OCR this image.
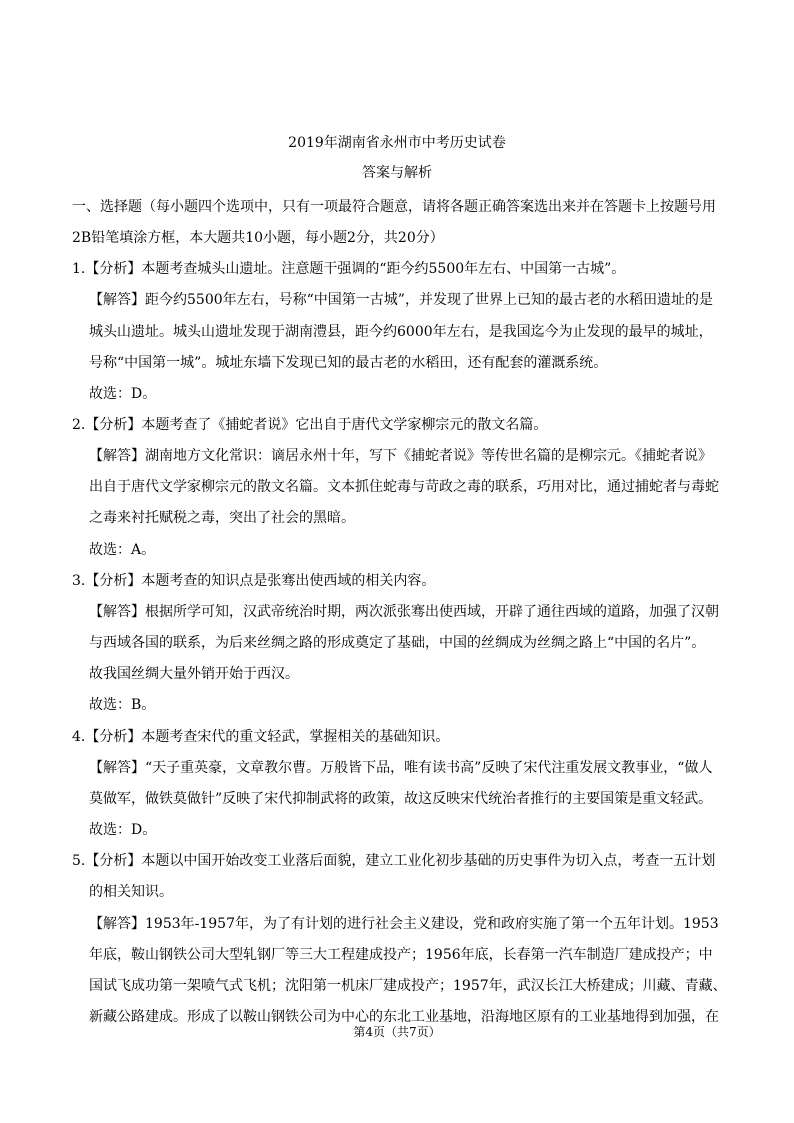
2019年湖南省永州市中考历史试卷
答案与解析
一、选择题（每小题四个选项中，只有一项最符合题意，请将各题正确答案选出来并在答题卡上按题号用
2B铅笔填涂方框，本大题共10小题，每小题2分，共20分）
1.【分析】本题考查城头山遗址。注意题干强调的“距今约5500年左右、中国第一古城”。
【解答】距今约5500年左右，号称“中国第一古城”，并发现了世界上已知的最古老的水稻田遗址的是
城头山遗址。城头山遗址发现于湖南澧县，距今约6000年左右，是我国迄今为止发现的最早的城址，
号称“中国第一城”。城址东墙下发现已知的最古老的水稻田，还有配套的灌溉系统。
故选：D。
2.【分析】本题考查了《捕蛇者说》它出自于唐代文学家柳宗元的散文名篇。
【解答】湖南地方文化常识：谪居永州十年，写下《捕蛇者说》等传世名篇的是柳宗元。《捕蛇者说》
出自于唐代文学家柳宗元的散文名篇。文本抓住蛇毒与苛政之毒的联系，巧用对比，通过捕蛇者与毒蛇
之毒来衬托赋税之毒，突出了社会的黑暗。
故选：A。
3.【分析】本题考查的知识点是张骞出使西域的相关内容。
【解答】根据所学可知，汉武帝统治时期，两次派张骞出使西域，开辟了通往西域的道路，加强了汉朝
与西域各国的联系，为后来丝绸之路的形成奠定了基础，中国的丝绸成为丝绸之路上“中国的名片”。
故我国丝绸大量外销开始于西汉。
故选：B。
4.【分析】本题考查宋代的重文轻武，掌握相关的基础知识。
【解答】“天子重英豪，文章教尔曹。万般皆下品，唯有读书高”反映了宋代注重发展文教事业，“做人
莫做军，做铁莫做针”反映了宋代抑制武将的政策，故这反映宋代统治者推行的主要国策是重文轻武。
故选：D。
5.【分析】本题以中国开始改变工业落后面貌，建立工业化初步基础的历史事件为切入点，考查一五计划
的相关知识。
【解答】1953年-1957年，为了有计划的进行社会主义建设，党和政府实施了第一个五年计划。1953
年底，鞍山钢铁公司大型轧钢厂等三大工程建成投产；1956年底，长春第一汽车制造厂建成投产；中
国试飞成功第一架喷气式飞机；沈阳第一机床厂建成投产；1957年，武汉长江大桥建成；川藏、青藏、
新藏公路建成。形成了以鞍山钢铁公司为中心的东北工业基地，沿海地区原有的工业基地得到加强，在
第4页（共7页）
